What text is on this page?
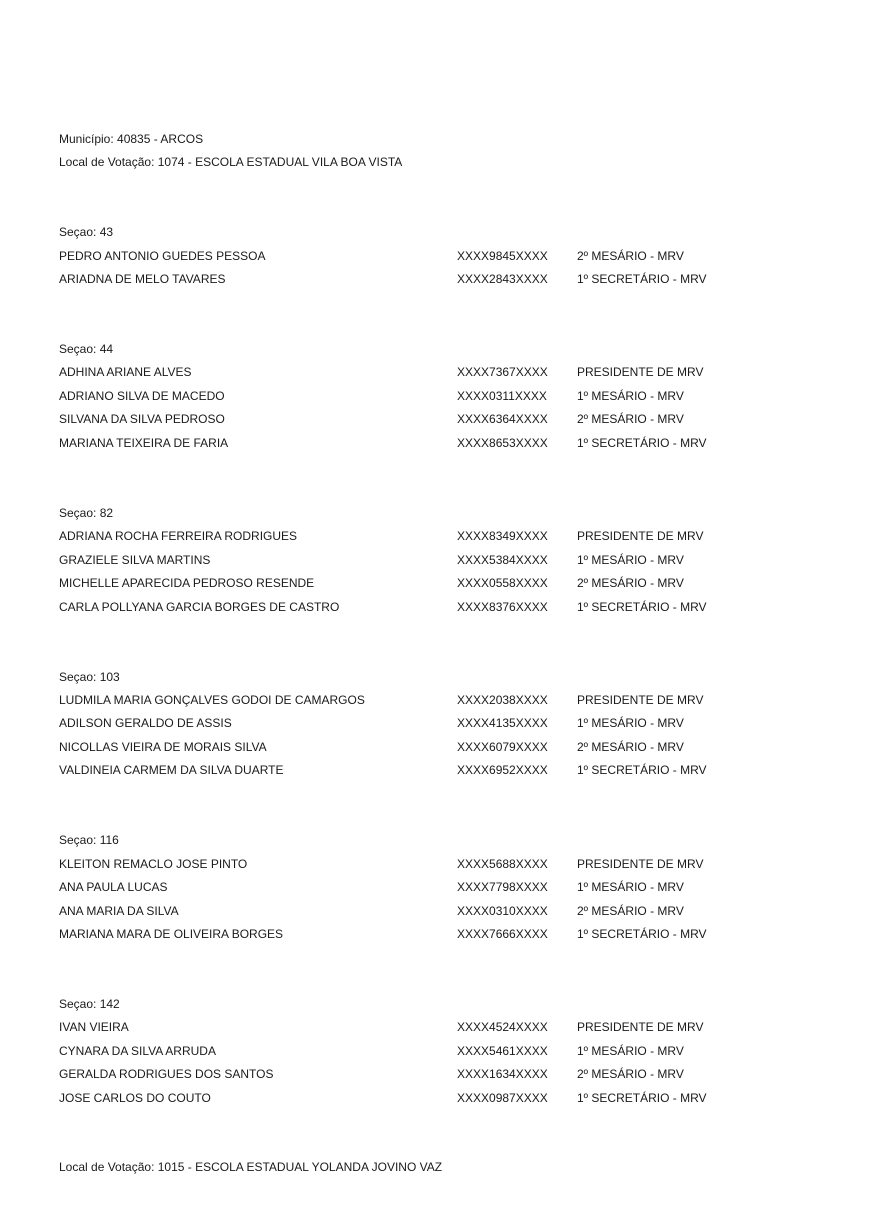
Município: 40835 - ARCOS
Local de Votação: 1074 - ESCOLA ESTADUAL VILA BOA VISTA
Seçao: 43
PEDRO ANTONIO GUEDES PESSOA	XXXX9845XXXX 2º MESÁRIO - MRV
ARIADNA DE MELO TAVARES	XXXX2843XXXX 1º SECRETÁRIO - MRV
Seçao: 44
ADHINA ARIANE ALVES	XXXX7367XXXX PRESIDENTE DE MRV
ADRIANO SILVA DE MACEDO	XXXX0311XXXX	1º MESÁRIO - MRV
SILVANA DA SILVA PEDROSO	XXXX6364XXXX 2º MESÁRIO - MRV
MARIANA TEIXEIRA DE FARIA	XXXX8653XXXX 1º SECRETÁRIO - MRV
Seçao: 82
ADRIANA ROCHA FERREIRA RODRIGUES	XXXX8349XXXX PRESIDENTE DE MRV
GRAZIELE SILVA MARTINS	XXXX5384XXXX 1º MESÁRIO - MRV
MICHELLE APARECIDA PEDROSO RESENDE	XXXX0558XXXX 2º MESÁRIO - MRV
CARLA POLLYANA GARCIA BORGES DE CASTRO	XXXX8376XXXX 1º SECRETÁRIO - MRV
Seçao: 103
LUDMILA MARIA GONÇALVES GODOI DE CAMARGOS	XXXX2038XXXX PRESIDENTE DE MRV
ADILSON GERALDO DE ASSIS	XXXX4135XXXX 1º MESÁRIO - MRV
NICOLLAS VIEIRA DE MORAIS SILVA	XXXX6079XXXX 2º MESÁRIO - MRV
VALDINEIA CARMEM DA SILVA DUARTE	XXXX6952XXXX 1º SECRETÁRIO - MRV
Seçao: 116
KLEITON REMACLO JOSE PINTO	XXXX5688XXXX PRESIDENTE DE MRV
ANA PAULA LUCAS	XXXX7798XXXX 1º MESÁRIO - MRV
ANA MARIA DA SILVA	XXXX0310XXXX 2º MESÁRIO - MRV
MARIANA MARA DE OLIVEIRA BORGES	XXXX7666XXXX 1º SECRETÁRIO - MRV
Seçao: 142
IVAN VIEIRA	XXXX4524XXXX PRESIDENTE DE MRV
CYNARA DA SILVA ARRUDA	XXXX5461XXXX 1º MESÁRIO - MRV
GERALDA RODRIGUES DOS SANTOS	XXXX1634XXXX 2º MESÁRIO - MRV
JOSE CARLOS DO COUTO	XXXX0987XXXX 1º SECRETÁRIO - MRV
Local de Votação: 1015 - ESCOLA ESTADUAL YOLANDA JOVINO VAZ
